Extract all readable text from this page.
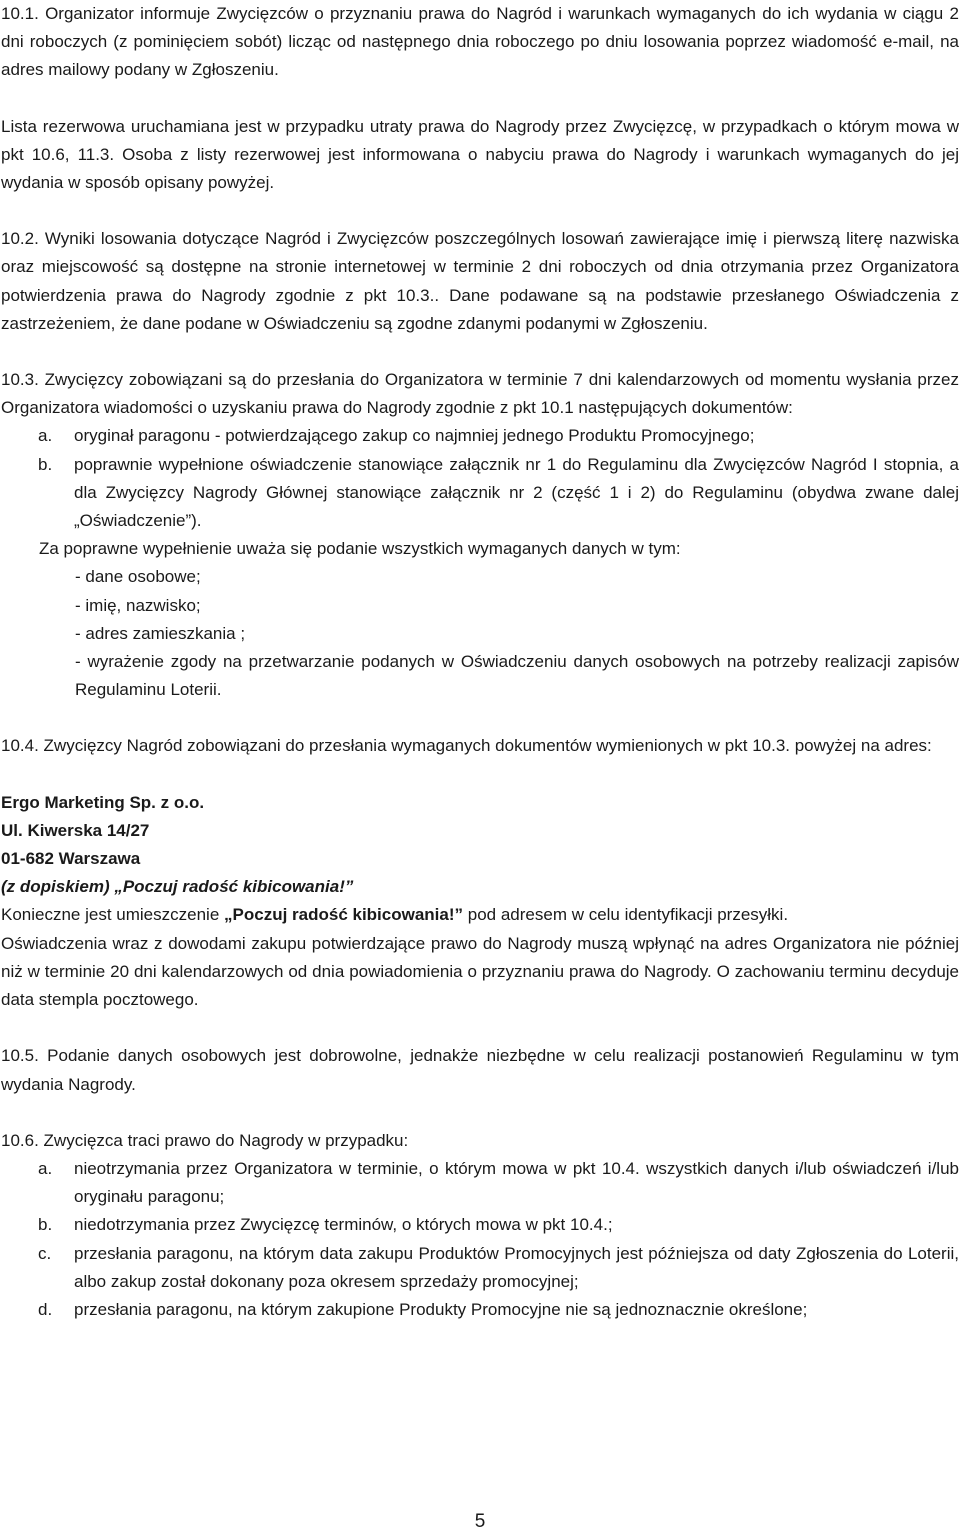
10.1. Organizator informuje Zwycięzców o przyznaniu prawa do Nagród i warunkach wymaganych do ich wydania w ciągu 2 dni roboczych (z pominięciem sobót) licząc od następnego dnia roboczego po dniu losowania poprzez wiadomość e-mail, na adres mailowy podany w Zgłoszeniu.

Lista rezerwowa uruchamiana jest w przypadku utraty prawa do Nagrody przez Zwycięzcę, w przypadkach o którym mowa w pkt 10.6, 11.3. Osoba z listy rezerwowej jest informowana o nabyciu prawa do Nagrody i warunkach wymaganych do jej wydania w sposób opisany powyżej.

10.2. Wyniki losowania dotyczące Nagród i Zwycięzców poszczególnych losowań zawierające imię i pierwszą literę nazwiska oraz miejscowość są dostępne na stronie internetowej w terminie 2 dni roboczych od dnia otrzymania przez Organizatora potwierdzenia prawa do Nagrody zgodnie z pkt 10.3.. Dane podawane są na podstawie przesłanego Oświadczenia z zastrzeżeniem, że dane podane w Oświadczeniu są zgodne zdanymi podanymi w Zgłoszeniu.

10.3. Zwycięzcy zobowiązani są do przesłania do Organizatora w terminie 7 dni kalendarzowych od momentu wysłania przez Organizatora wiadomości o uzyskaniu prawa do Nagrody zgodnie z pkt 10.1 następujących dokumentów:

a.	oryginał paragonu - potwierdzającego zakup co najmniej jednego Produktu Promocyjnego;
b.	poprawnie wypełnione oświadczenie stanowiące załącznik nr 1 do Regulaminu dla Zwycięzców Nagród I stopnia, a dla Zwycięzcy Nagrody Głównej stanowiące załącznik nr 2 (część 1 i 2) do Regulaminu (obydwa zwane dalej „Oświadczenie”).

Za poprawne wypełnienie uważa się podanie wszystkich wymaganych danych w tym:

- dane osobowe;

- imię, nazwisko;

- adres zamieszkania ;

- wyrażenie zgody na przetwarzanie podanych w Oświadczeniu danych osobowych na potrzeby realizacji zapisów Regulaminu Loterii.

10.4. Zwycięzcy Nagród zobowiązani do przesłania wymaganych dokumentów wymienionych w pkt 10.3. powyżej na adres:

Ergo Marketing Sp. z o.o.
Ul. Kiwerska 14/27
01-682 Warszawa
(z dopiskiem) „Poczuj radość kibicowania!”

Konieczne jest umieszczenie „Poczuj radość kibicowania!” pod adresem w celu identyfikacji przesyłki.

Oświadczenia wraz z dowodami zakupu potwierdzające prawo do Nagrody muszą wpłynąć na adres Organizatora nie później niż w terminie 20 dni kalendarzowych od dnia powiadomienia o przyznaniu prawa do Nagrody. O zachowaniu terminu decyduje data stempla pocztowego.

10.5. Podanie danych osobowych jest dobrowolne, jednakże niezbędne w celu realizacji postanowień Regulaminu w tym wydania Nagrody.

10.6. Zwycięzca traci prawo do Nagrody w przypadku:

a.	nieotrzymania przez Organizatora w terminie, o którym mowa w pkt 10.4. wszystkich danych i/lub oświadczeń i/lub oryginału paragonu;
b.	niedotrzymania przez Zwycięzcę terminów, o których mowa w pkt 10.4.;
c.	przesłania paragonu, na którym data zakupu Produktów Promocyjnych jest późniejsza od daty Zgłoszenia do Loterii, albo zakup został dokonany poza okresem sprzedaży promocyjnej;
d.	przesłania paragonu, na którym zakupione Produkty Promocyjne nie są jednoznacznie określone;
5
